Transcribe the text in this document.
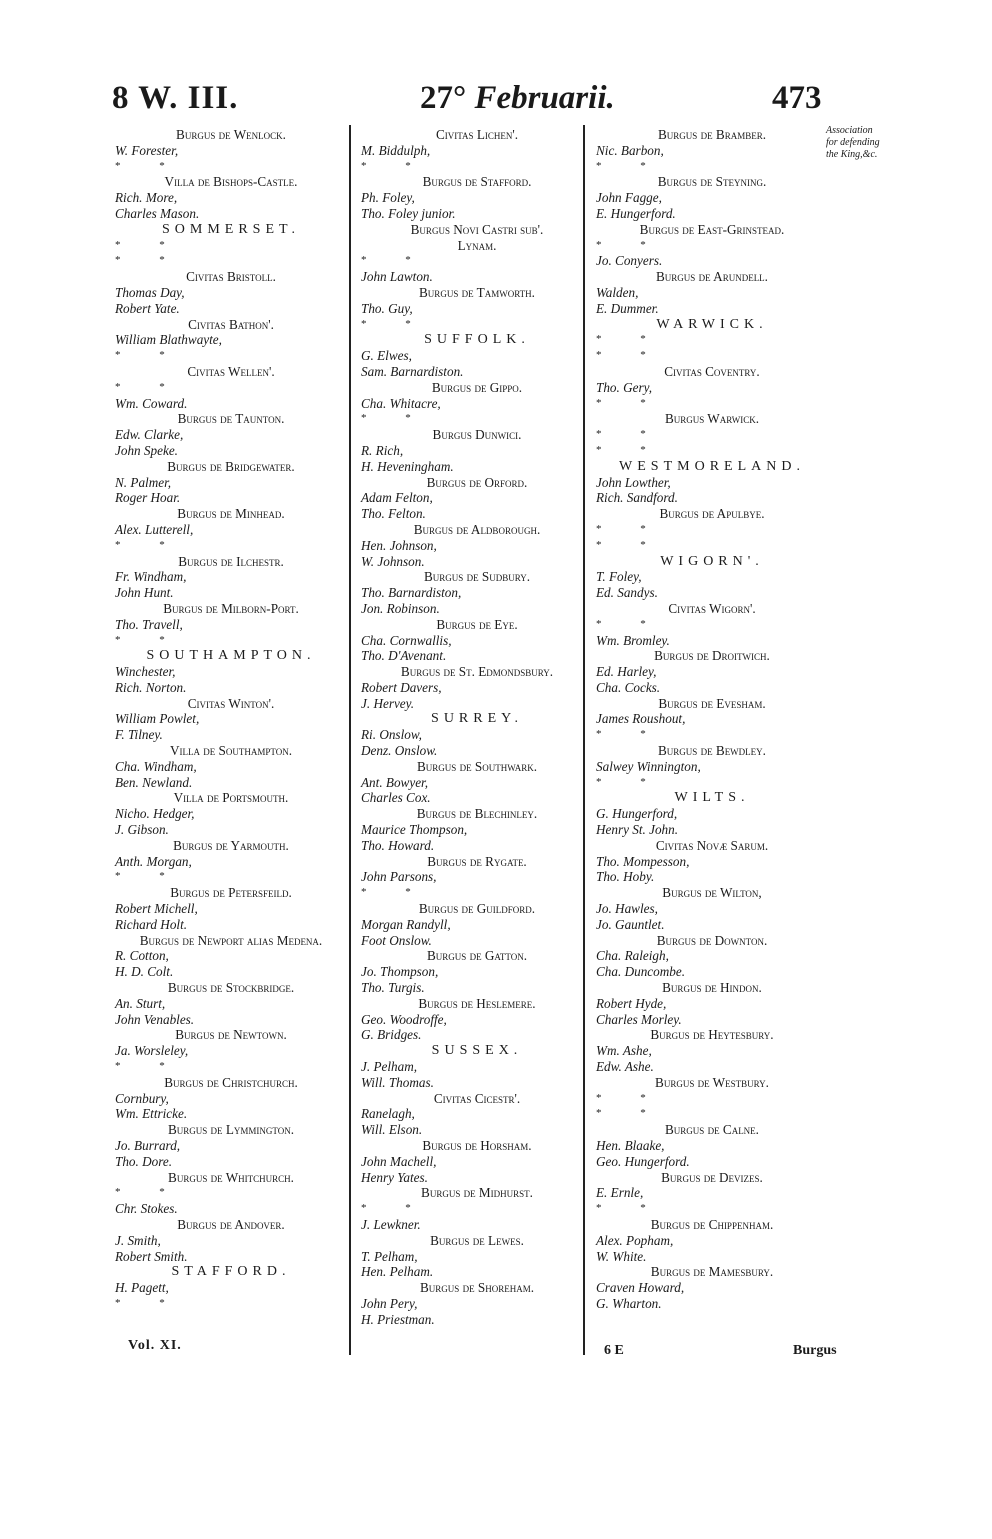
8 W. III.	27° Februarii.	473
Burgus de Wenlock.
W. Forester,
* *
Villa de Bishops-Castle.
Rich. More,
Charles Mason.
SOMMERSET.
* *
* *
Civitas Bristoll.
Thomas Day,
Robert Yate.
Civitas Bathon'.
William Blathwayte,
* *
Civitas Wellen'.
* *
Wm. Coward.
Burgus de Taunton.
Edw. Clarke,
John Speke.
Burgus de Bridgewater.
N. Palmer,
Roger Hoar.
Burgus de Minhead.
Alex. Lutterell,
* *
Burgus de Ilchestr.
Fr. Windham,
John Hunt.
Burgus de Milborn-Port.
Tho. Travell,
* *
SOUTHAMPTON.
Winchester,
Rich. Norton.
Civitas Winton'.
William Powlet,
F. Tilney.
Villa de Southampton.
Cha. Windham,
Ben. Newland.
Villa de Portsmouth.
Nicho. Hedger,
J. Gibson.
Burgus de Yarmouth.
Anth. Morgan,
* *
Burgus de Petersfeild.
Robert Michell,
Richard Holt.
Burgus de Newport alias Medena.
R. Cotton,
H. D. Colt.
Burgus de Stockbridge.
An. Sturt,
John Venables.
Burgus de Newtown.
Ja. Worsleley,
* *
Burgus de Christchurch.
Cornbury,
Wm. Ettricke.
Burgus de Lymmington.
Jo. Burrard,
Tho. Dore.
Burgus de Whitchurch.
* *
Chr. Stokes.
Burgus de Andover.
J. Smith,
Robert Smith.
STAFFORD.
H. Pagett,
* *
Civitas Lichen'.
M. Biddulph,
* *
Burgus de Stafford.
Ph. Foley,
Tho. Foley junior.
Burgus Novi Castri sub'.
Lynam.
* *
John Lawton.
Burgus de Tamworth.
Tho. Guy,
* *
SUFFOLK.
G. Elwes,
Sam. Barnardiston.
Burgus de Gippo.
Cha. Whitacre,
* *
Burgus Dunwici.
R. Rich,
H. Heveningham.
Burgus de Orford.
Adam Felton,
Tho. Felton.
Burgus de Aldborough.
Hen. Johnson,
W. Johnson.
Burgus de Sudbury.
Tho. Barnardiston,
Jon. Robinson.
Burgus de Eye.
Cha. Cornwallis,
Tho. D'Avenant.
Burgus de St. Edmondsbury.
Robert Davers,
J. Hervey.
SURREY.
Ri. Onslow,
Denz. Onslow.
Burgus de Southwark.
Ant. Bowyer,
Charles Cox.
Burgus de Blechinley.
Maurice Thompson,
Tho. Howard.
Burgus de Rygate.
John Parsons,
* *
Burgus de Guildford.
Morgan Randyll,
Foot Onslow.
Burgus de Gatton.
Jo. Thompson,
Tho. Turgis.
Burgus de Heslemere.
Geo. Woodroffe,
G. Bridges.
SUSSEX.
J. Pelham,
Will. Thomas.
Civitas Cicestr'.
Ranelagh,
Will. Elson.
Burgus de Horsham.
John Machell,
Henry Yates.
Burgus de Midhurst.
* *
J. Lewkner.
Burgus de Lewes.
T. Pelham,
Hen. Pelham.
Burgus de Shoreham.
John Pery,
H. Priestman.
Burgus de Bramber.
Nic. Barbon,
* *
Burgus de Steyning.
John Fagge,
E. Hungerford.
Burgus de East-Grinstead.
* *
Jo. Conyers.
Burgus de Arundell.
Walden,
E. Dummer.
WARWICK.
* *
* *
Civitas Coventry.
Tho. Gery,
* *
Burgus Warwick.
* *
* *
WESTMORELAND.
John Lowther,
Rich. Sandford.
Burgus de Apulbye.
* *
* *
WIGORN'.
T. Foley,
Ed. Sandys.
Civitas Wigorn'.
* *
Wm. Bromley.
Burgus de Droitwich.
Ed. Harley,
Cha. Cocks.
Burgus de Evesham.
James Roushout,
* *
Burgus de Bewdley.
Salwey Winnington,
* *
WILTS.
G. Hungerford,
Henry St. John.
Civitas Novæ Sarum.
Tho. Mompesson,
Tho. Hoby.
Burgus de Wilton,
Jo. Hawles,
Jo. Gauntlet.
Burgus de Downton.
Cha. Raleigh,
Cha. Duncombe.
Burgus de Hindon.
Robert Hyde,
Charles Morley.
Burgus de Heytesbury.
Wm. Ashe,
Edw. Ashe.
Burgus de Westbury.
* *
* *
Burgus de Calne.
Hen. Blaake,
Geo. Hungerford.
Burgus de Devizes.
E. Ernle,
* *
Burgus de Chippenham.
Alex. Popham,
W. White.
Burgus de Mamesbury.
Craven Howard,
G. Wharton.
Association
for defending
the King,&c.
Vol. XI.	6 E	Burgus
